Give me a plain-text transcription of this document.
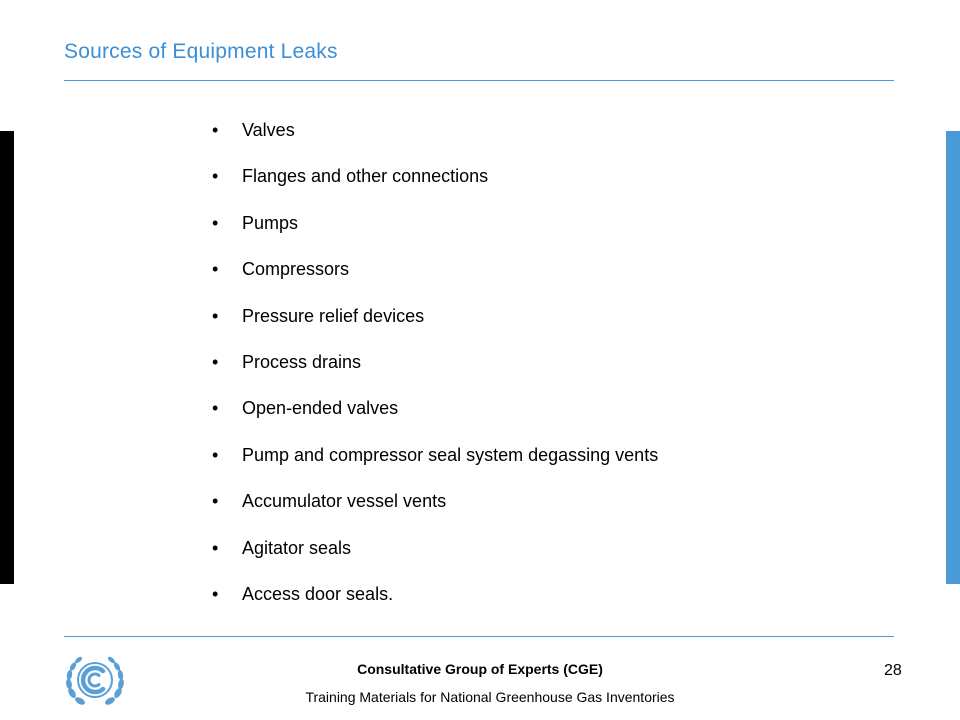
Sources of Equipment Leaks
•	Valves
•	Flanges and other connections
•	Pumps
•	Compressors
•	Pressure relief devices
•	Process drains
•	Open-ended valves
•	Pump and compressor seal system degassing vents
•	Accumulator vessel vents
•	Agitator seals
•	Access door seals.
Consultative Group of Experts (CGE)
Training Materials for National Greenhouse Gas Inventories
28
